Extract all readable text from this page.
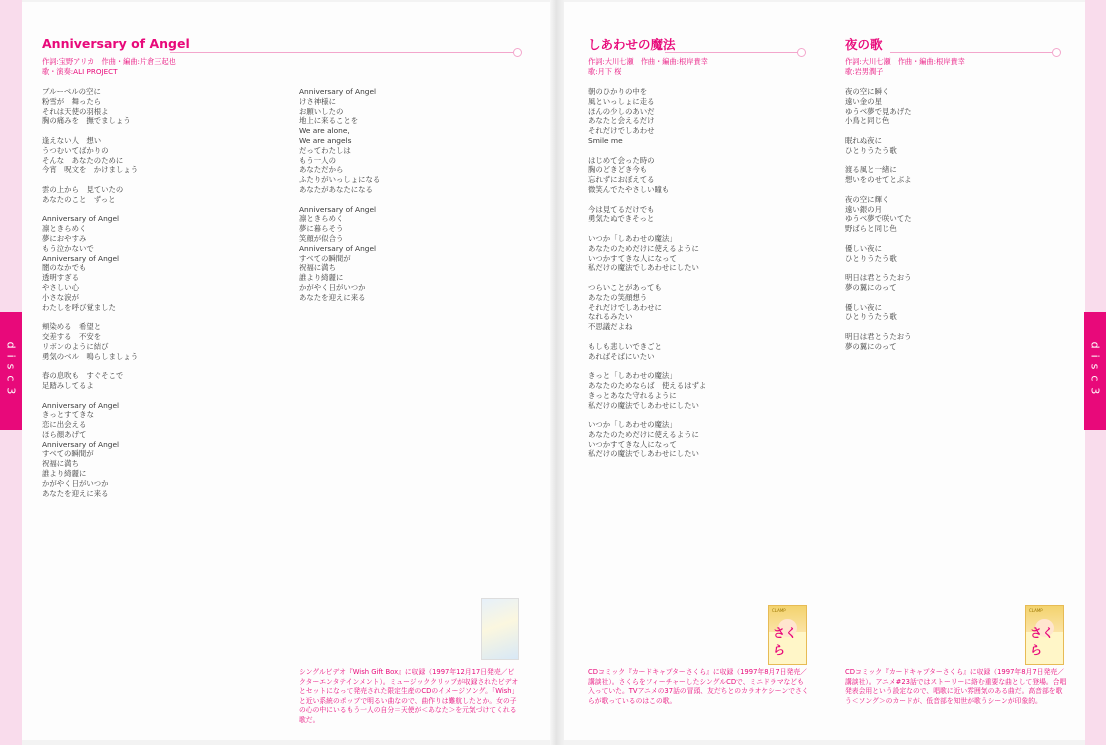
disc3	disc3
Anniversary of Angel
作詞:宝野アリカ　作曲・編曲:片倉三起也
歌・演奏:ALI PROJECT
ブルーベルの空に
粉雪が　舞ったら
それは天使の羽根よ
胸の痛みを　撫でましょう
逢えない人　想い
うつむいてばかりの
そんな　あなたのために
今宵　呪文を　かけましょう
雲の上から　見ていたの
あなたのこと　ずっと
Anniversary of Angel
凛ときらめく
夢におやすみ
もう泣かないで
Anniversary of Angel
闇のなかでも
透明すぎる
やさしい心
小さな涙が
わたしを呼び覚ました
頬染める　希望と
交差する　不安を
リボンのように結び
勇気のベル　鳴らしましょう
春の息吹も　すぐそこで
足踏みしてるよ
Anniversary of Angel
きっとすてきな
恋に出会える
ほら顔あげて
Anniversary of Angel
すべての瞬間が
祝福に満ち
誰より綺麗に
かがやく日がいつか
あなたを迎えに来る
Anniversary of Angel
けさ神様に
お願いしたの
地上に来ることを
We are alone,
We are angels
だってわたしは
もう一人の
あなただから
ふたりがいっしょになる
あなたがあなたになる
Anniversary of Angel
凛ときらめく
夢に暮らそう
笑顔が似合う
Anniversary of Angel
すべての瞬間が
祝福に満ち
誰より綺麗に
かがやく日がいつか
あなたを迎えに来る
シングルビデオ『Wish Gift Box』に収録（1997年12月17日発売／ビクターエンタテインメント）。ミュージッククリップが収録されたビデオとセットになって発売された限定生産のCDのイメージソング。「Wish」と近い系統のポップで明るい曲なので、曲作りは難航したとか。女の子の心の中にいるもう一人の自分＝天使が＜あなた＞を元気づけてくれる歌だ。
しあわせの魔法
作詞:大川七瀬　作曲・編曲:根岸貴幸
歌:月下 桜
朝のひかりの中を
風といっしょに走る
ほんの少しのあいだ
あなたと会えるだけ
それだけでしあわせ
Smile me
はじめて会った時の
胸のどきどき今も
忘れずにおぼえてる
微笑んでたやさしい瞳も
今は見てるだけでも
勇気たぬできそっと
いつか「しあわせの魔法」
あなたのためだけに使えるように
いつかすてきな人になって
私だけの魔法でしあわせにしたい
つらいことがあっても
あなたの笑顔想う
それだけでしあわせに
なれるみたい
不思議だよね
もしも悲しいできごと
あればそばにいたい
きっと「しあわせの魔法」
あなたのためならば　使えるはずよ
きっとあなた守れるように
私だけの魔法でしあわせにしたい
いつか「しあわせの魔法」
あなたのためだけに使えるように
いつかすてきな人になって
私だけの魔法でしあわせにしたい
CLAMP
さくら
CDコミック『カードキャプターさくら』に収録（1997年8月7日発売／講談社）。さくらをフィーチャーしたシングルCDで、ミニドラマなども入っていた。TVアニメの37話の冒頭、友だちとのカラオケシーンでさくらが歌っているのはこの歌。
夜の歌
作詞:大川七瀬　作曲・編曲:根岸貴幸
歌:岩男潤子
夜の空に瞬く
遠い金の星
ゆうべ夢で見あげた
小鳥と同じ色
眠れぬ夜に
ひとりうたう歌
渡る風と一緒に
想いをのせてとぶよ
夜の空に輝く
遠い銀の月
ゆうべ夢で咲いてた
野ばらと同じ色
優しい夜に
ひとりうたう歌
明日は君とうたおう
夢の翼にのって
優しい夜に
ひとりうたう歌
明日は君とうたおう
夢の翼にのって
CLAMP
さくら
CDコミック『カードキャプターさくら』に収録（1997年8月7日発売／講談社）。アニメ#23話ではストーリーに絡む重要な曲として登場。合唱発表会用という設定なので、唱歌に近い雰囲気のある曲だ。高音部を歌う＜ソング＞のカードが、低音部を知世が歌うシーンが印象的。
